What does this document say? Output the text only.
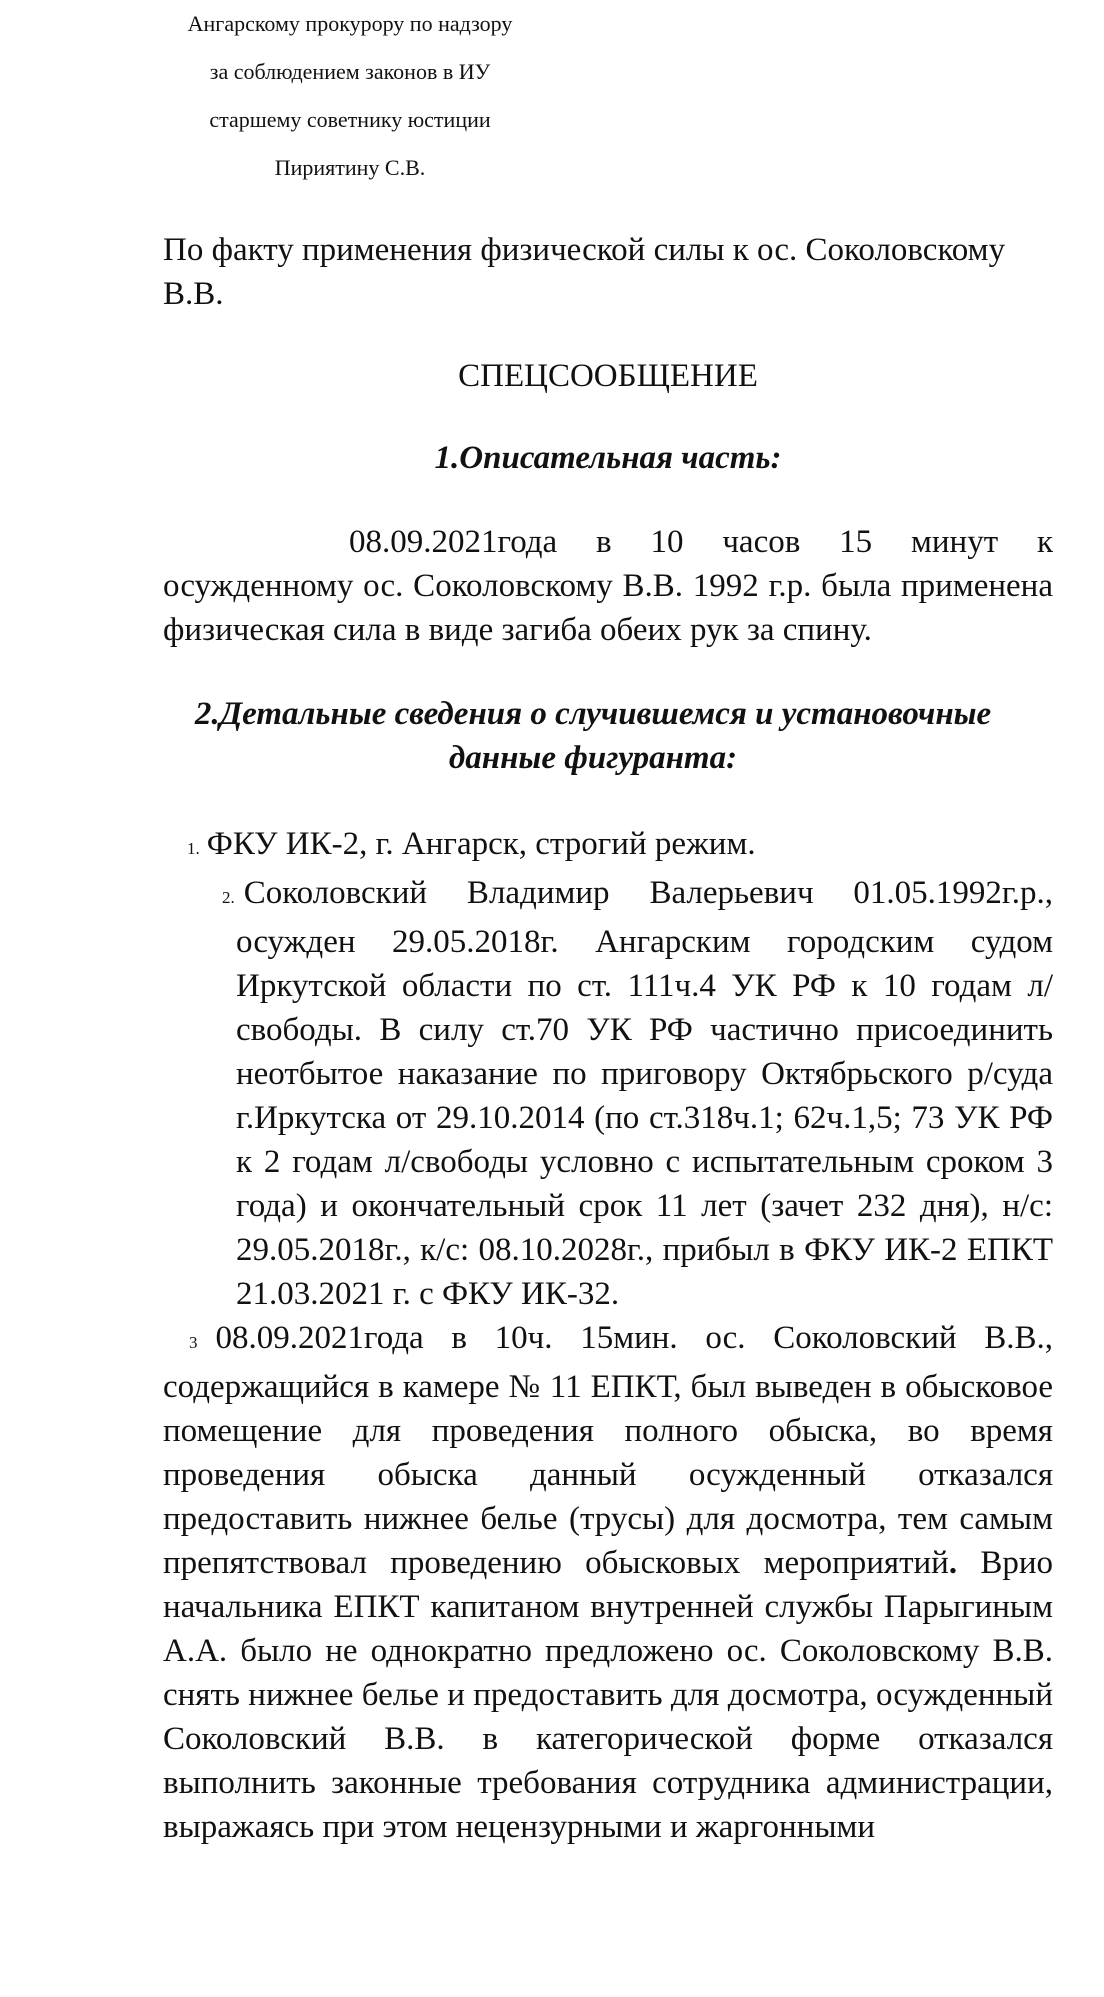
Ангарскому прокурору по надзору
за соблюдением законов в ИУ
старшему советнику юстиции
Пириятину С.В.

По факту применения физической силы к ос. Соколовскому В.В.

СПЕЦСООБЩЕНИЕ

1.Описательная часть:

08.09.2021года в 10 часов 15 минут к осужденному ос. Соколовскому В.В. 1992 г.р. была применена физическая сила в виде загиба обеих рук за спину.

2.Детальные сведения о случившемся и установочные данные фигуранта:

1. ФКУ ИК-2, г. Ангарск, строгий режим.

2. Соколовский Владимир Валерьевич 01.05.1992г.р., осужден 29.05.2018г. Ангарским городским судом Иркутской области по ст. 111ч.4 УК РФ к 10 годам л/свободы. В силу ст.70 УК РФ частично присоединить неотбытое наказание по приговору Октябрьского р/суда г.Иркутска от 29.10.2014 (по ст.318ч.1; 62ч.1,5; 73 УК РФ к 2 годам л/свободы условно с испытательным сроком 3 года) и окончательный срок 11 лет (зачет 232 дня), н/с: 29.05.2018г., к/с: 08.10.2028г., прибыл в ФКУ ИК-2 ЕПКТ 21.03.2021 г. с ФКУ ИК-32.

3 08.09.2021года в 10ч. 15мин. ос. Соколовский В.В., содержащийся в камере № 11 ЕПКТ, был выведен в обысковое помещение для проведения полного обыска, во время проведения обыска данный осужденный отказался предоставить нижнее белье (трусы) для досмотра, тем самым препятствовал проведению обысковых мероприятий. Врио начальника ЕПКТ капитаном внутренней службы Парыгиным А.А. было не однократно предложено ос. Соколовскому В.В. снять нижнее белье и предоставить для досмотра, осужденный Соколовский В.В. в категорической форме отказался выполнить законные требования сотрудника администрации, выражаясь при этом нецензурными и жаргонными
